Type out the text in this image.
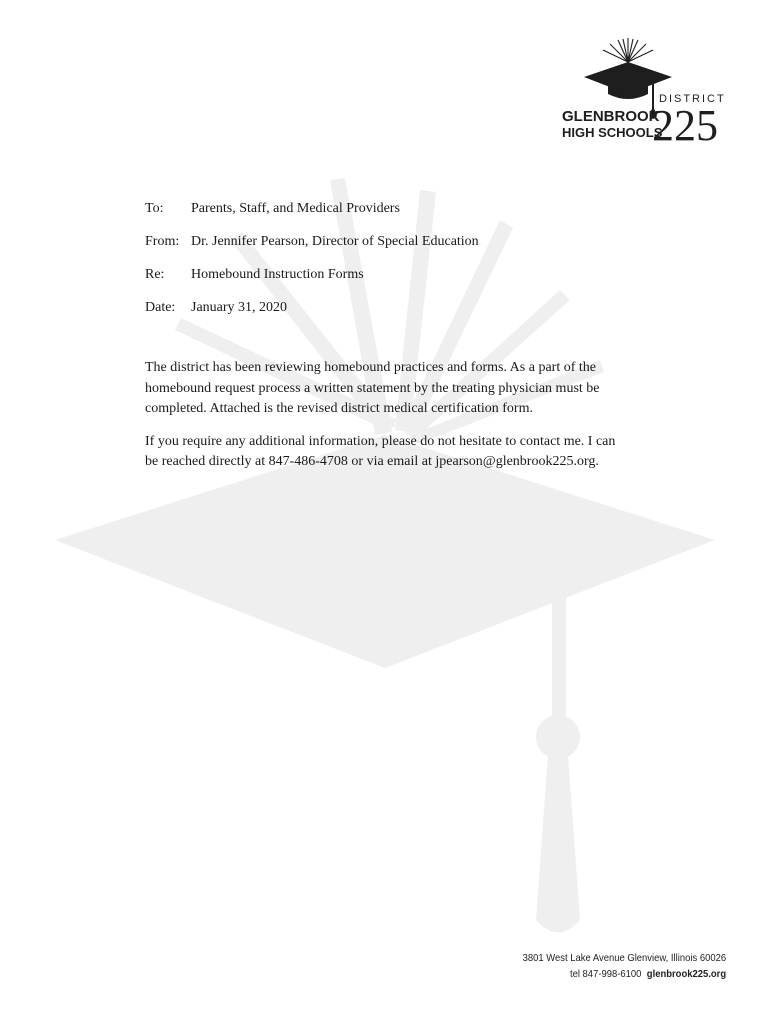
GLENBROOK
HIGH SCHOOLS
DISTRICT
225
To:	Parents, Staff, and Medical Providers
From: Dr. Jennifer Pearson, Director of Special Education
Re:	Homebound Instruction Forms
Date:	January 31, 2020

The district has been reviewing homebound practices and forms. As a part of the homebound request process a written statement by the treating physician must be completed. Attached is the revised district medical certification form.

If you require any additional information, please do not hesitate to contact me. I can be reached directly at 847-486-4708 or via email at jpearson@glenbrook225.org.

3801 West Lake Avenue Glenview, Illinois 60026
tel 847-998-6100 glenbrook225.org
